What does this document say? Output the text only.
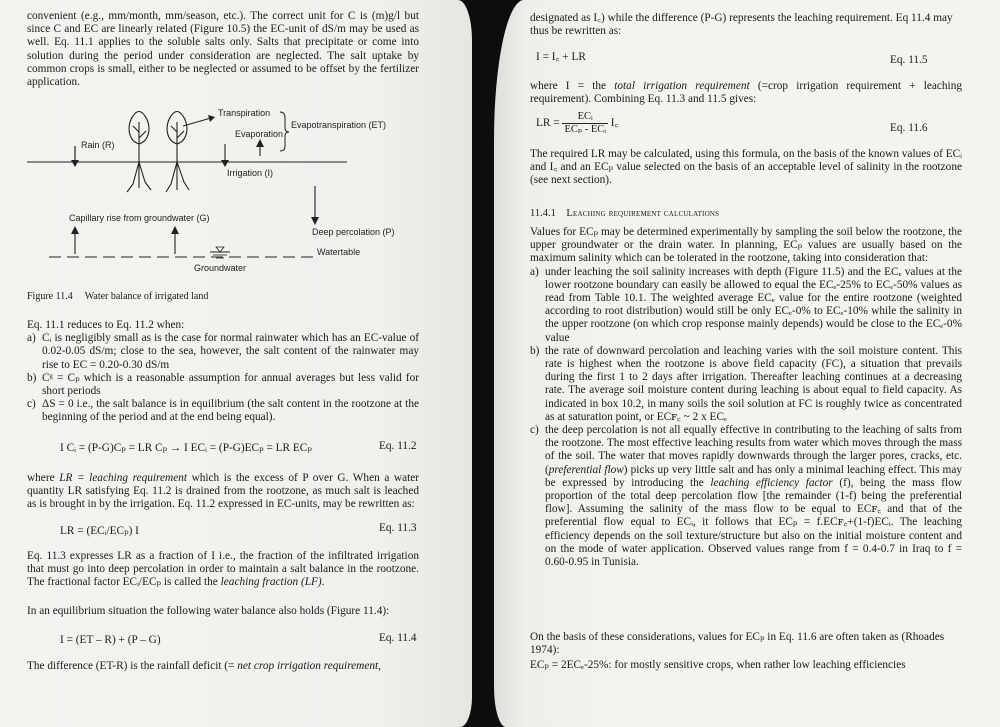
convenient (e.g., mm/month, mm/season, etc.). The correct unit for C is (m)g/l but since C and EC are linearly related (Figure 10.5) the EC-unit of dS/m may be used as well. Eq. 11.1 applies to the soluble salts only. Salts that precipitate or come into solution during the period under consideration are neglected. The salt uptake by common crops is small, either to be neglected or assumed to be offset by the fertilizer application.

Transpiration
Evaporation
Evapotranspiration (ET)
Rain (R)
Irrigation (I)
Capillary rise from groundwater (G)
Deep percolation (P)
Watertable
Groundwater
Figure 11.4 Water balance of irrigated land

Eq. 11.1 reduces to Eq. 11.2 when:

a) Cᵢ is negligibly small as is the case for normal rainwater which has an EC-value of 0.02-0.05 dS/m; close to the sea, however, the salt content of the rainwater may rise to EC = 0.20-0.30 dS/m
b) Cᵍ = Cₚ which is a reasonable assumption for annual averages but less valid for short periods
c) ΔS = 0 i.e., the salt balance is in equilibrium (the salt content in the rootzone at the beginning of the period and at the end being equal).
I Cᵢ = (P-G)Cₚ = LR Cₚ → I ECᵢ = (P-G)ECₚ = LR ECₚ	Eq. 11.2

where LR = leaching requirement which is the excess of P over G. When a water quantity LR satisfying Eq. 11.2 is drained from the rootzone, as much salt is leached as is brought in by the irrigation. Eq. 11.2 expressed in EC-units, may be rewritten as:

LR = (ECᵢ/ECₚ) I	Eq. 11.3

Eq. 11.3 expresses LR as a fraction of I i.e., the fraction of the infiltrated irrigation that must go into deep percolation in order to maintain a salt balance in the rootzone. The fractional factor ECᵢ/ECₚ is called the leaching fraction (LF).

In an equilibrium situation the following water balance also holds (Figure 11.4):

I = (ET – R) + (P – G)	Eq. 11.4

The difference (ET-R) is the rainfall deficit (= net crop irrigation requirement,

designated as I꜀) while the difference (P-G) represents the leaching requirement. Eq 11.4 may thus be rewritten as:

I = I꜀ + LR	Eq. 11.5

where I = the total irrigation requirement (=crop irrigation requirement + leaching requirement). Combining Eq. 11.3 and 11.5 gives:

LR = $\frac{\text{ECᵢ}}{\text{ECₚ - ECᵢ}}$ I꜀	Eq. 11.6

The required LR may be calculated, using this formula, on the basis of the known values of ECᵢ and I꜀ and an ECₚ value selected on the basis of an acceptable level of salinity in the rootzone (see next section).

11.4.1 Leaching requirement calculations

Values for ECₚ may be determined experimentally by sampling the soil below the rootzone, the upper groundwater or the drain water. In planning, ECₚ values are usually based on the maximum salinity which can be tolerated in the rootzone, taking into consideration that:

a) under leaching the soil salinity increases with depth (Figure 11.5) and the ECₑ values at the lower rootzone boundary can easily be allowed to equal the ECₑ-25% to ECₑ-50% values as read from Table 10.1. The weighted average ECₑ value for the entire rootzone (weighted according to root distribution) would still be only ECₑ-0% to ECₑ-10% while the salinity in the upper rootzone (on which crop response mainly depends) would be close to the ECₑ-0% value
b) the rate of downward percolation and leaching varies with the soil moisture content. This rate is highest when the rootzone is above field capacity (FC), a situation that prevails during the first 1 to 2 days after irrigation. Thereafter leaching continues at a decreasing rate. The average soil moisture content during leaching is about equal to field capacity. As indicated in box 10.2, in many soils the soil solution at FC is roughly twice as concentrated as at saturation point, or ECꜰ꜀ ~ 2 x ECₑ
c) the deep percolation is not all equally effective in contributing to the leaching of salts from the rootzone. The most effective leaching results from water which moves through the mass of the soil. The water that moves rapidly downwards through the larger pores, cracks, etc. (preferential flow) picks up very little salt and has only a minimal leaching effect. This may be expressed by introducing the leaching efficiency factor (f), being the mass flow proportion of the total deep percolation flow [the remainder (1-f) being the preferential flow]. Assuming the salinity of the mass flow to be equal to ECꜰ꜀ and that of the preferential flow equal to ECᵢ, it follows that ECₚ = f.ECꜰ꜀+(1-f)ECᵢ. The leaching efficiency depends on the soil texture/structure but also on the initial moisture content and on the mode of water application. Observed values range from f = 0.4-0.7 in Iraq to f = 0.60-0.95 in Tunisia.

On the basis of these considerations, values for ECₚ in Eq. 11.6 are often taken as (Rhoades 1974):

ECₚ = 2ECₑ-25%: for mostly sensitive crops, when rather low leaching efficiencies
